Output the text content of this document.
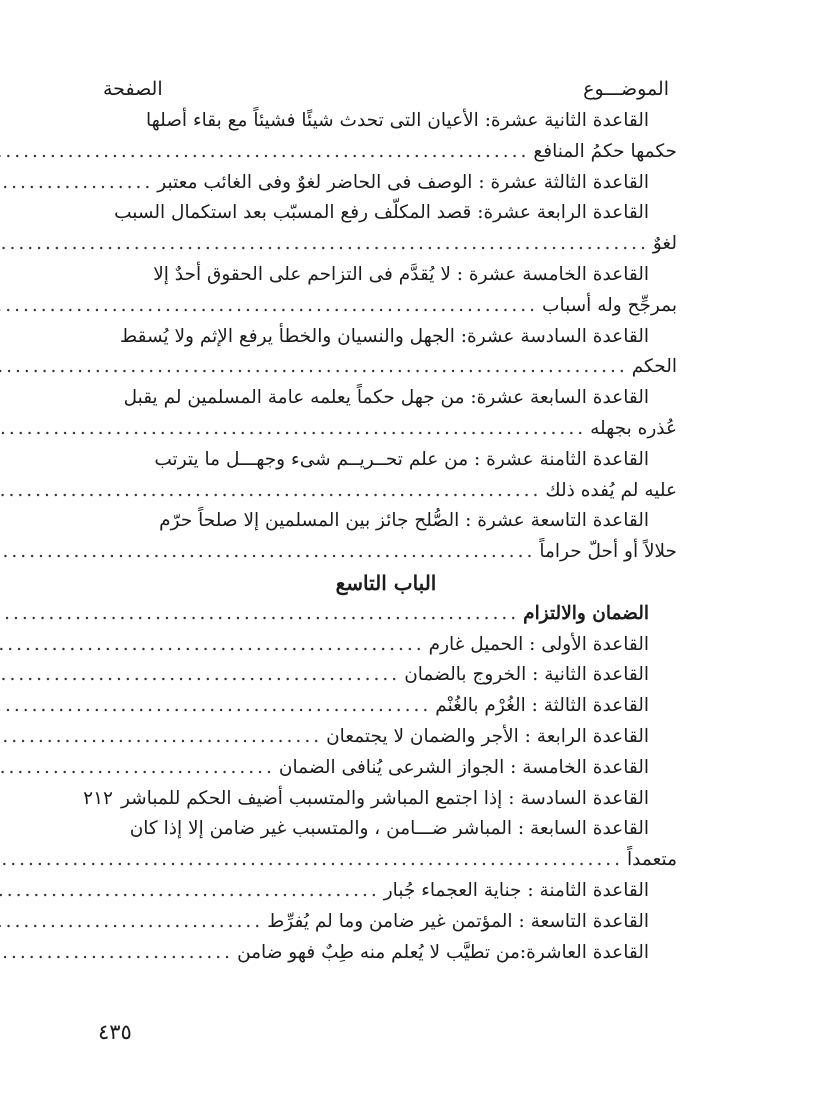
الموضـــوع
الصفحة
القاعدة الثانية عشرة: الأعيان التى تحدث شيئًا فشيئاً مع بقاء أصلها
حكمها حكمُ المنافع
.....
القاعدة الثالثة عشرة : الوصف فى الحاضر لغوٌ وفى الغائب معتبر
.....
القاعدة الرابعة عشرة: قصد المكلّف رفع المسبّب بعد استكمال السبب
لغوٌ
.....
القاعدة الخامسة عشرة : لا يُقدَّم فى التزاحم على الحقوق أحدٌ إلا
بمرجِّح وله أسباب
.....
القاعدة السادسة عشرة: الجهل والنسيان والخطأ يرفع الإثم ولا يُسقط
الحكم
.....
القاعدة السابعة عشرة: من جهل حكماً يعلمه عامة المسلمين لم يقبل
عُذره بجهله
.....
القاعدة الثامنة عشرة : من علم تحــريــم شىء وجهـــل ما يترتب
عليه لم يُفده ذلك
.....
القاعدة التاسعة عشرة : الصُّلح جائز بين المسلمين إلا صلحاً حرّم
حلالاً أو أحلّ حراماً
.....
الباب التاسع
الضمان والالتزام
.....
القاعدة الأولى : الحميل غارم
.....
القاعدة الثانية : الخروج بالضمان
.....
القاعدة الثالثة : الغُرْم بالغُنْم
.....
القاعدة الرابعة : الأجر والضمان لا يجتمعان
.....
القاعدة الخامسة : الجواز الشرعى يُنافى الضمان
.....
القاعدة السادسة : إذا اجتمع المباشر والمتسبب أضيف الحكم للمباشر
٢١٢
القاعدة السابعة : المباشر ضـــامن ، والمتسبب غير ضامن إلا إذا كان
متعمداً
.....
القاعدة الثامنة : جناية العجماء جُبار
.....
القاعدة التاسعة : المؤتمن غير ضامن وما لم يُفرِّط
.....
القاعدة العاشرة:من تطيَّب لا يُعلم منه طِبٌ فهو ضامن
.....
٤٣٥
